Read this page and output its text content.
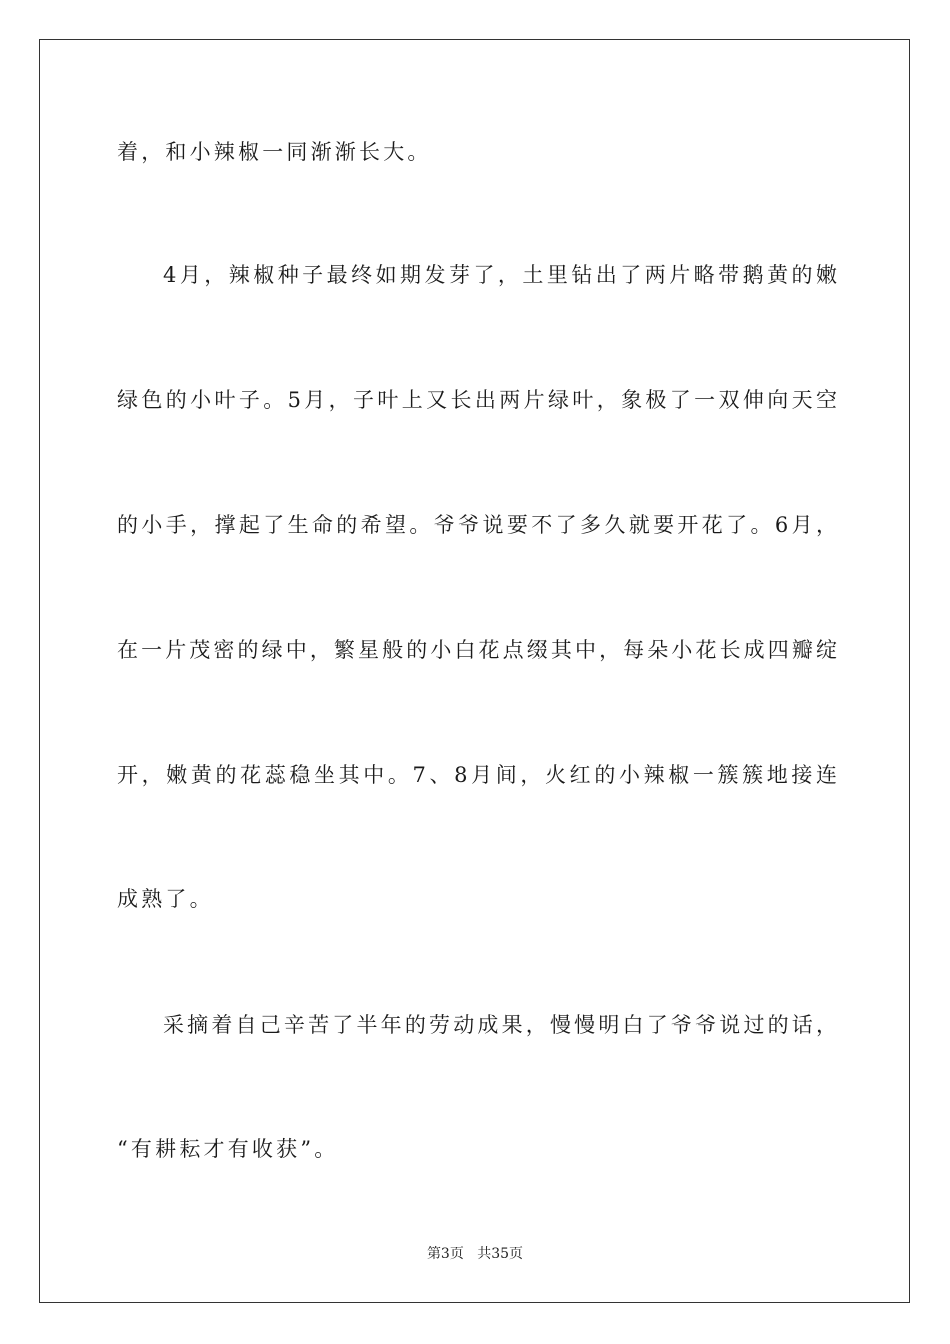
着，和小辣椒一同渐渐长大。
4月，辣椒种子最终如期发芽了，土里钻出了两片略带鹅黄的嫩
绿色的小叶子。5月，子叶上又长出两片绿叶，象极了一双伸向天空
的小手，撑起了生命的希望。爷爷说要不了多久就要开花了。6月，
在一片茂密的绿中，繁星般的小白花点缀其中，每朵小花长成四瓣绽
开，嫩黄的花蕊稳坐其中。7、8月间，火红的小辣椒一簇簇地接连
成熟了。
采摘着自己辛苦了半年的劳动成果，慢慢明白了爷爷说过的话，
“有耕耘才有收获”。
第3页 共35页
